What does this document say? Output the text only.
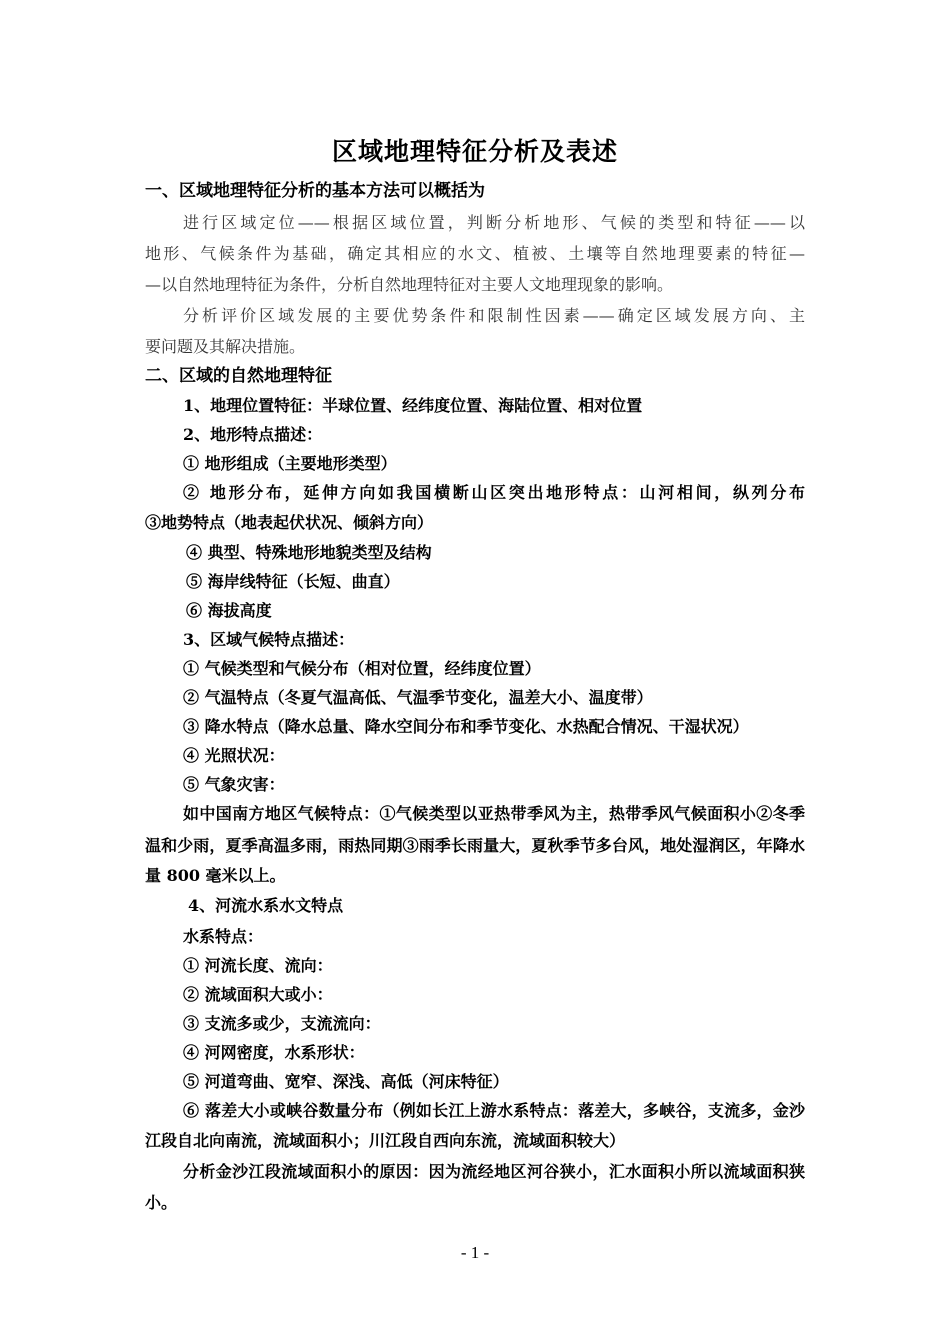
区域地理特征分析及表述
一、区域地理特征分析的基本方法可以概括为
进行区域定位——根据区域位置，判断分析地形、气候的类型和特征——以
地形、气候条件为基础，确定其相应的水文、植被、土壤等自然地理要素的特征—
—以自然地理特征为条件，分析自然地理特征对主要人文地理现象的影响。
分析评价区域发展的主要优势条件和限制性因素——确定区域发展方向、主
要问题及其解决措施。
二、区域的自然地理特征
1、地理位置特征：半球位置、经纬度位置、海陆位置、相对位置
2、地形特点描述：
① 地形组成（主要地形类型）
② 地形分布，延伸方向如我国横断山区突出地形特点：山河相间，纵列分布
③地势特点（地表起伏状况、倾斜方向）
④ 典型、特殊地形地貌类型及结构
⑤ 海岸线特征（长短、曲直）
⑥ 海拔高度
3、区域气候特点描述：
① 气候类型和气候分布（相对位置，经纬度位置）
② 气温特点（冬夏气温高低、气温季节变化，温差大小、温度带）
③ 降水特点（降水总量、降水空间分布和季节变化、水热配合情况、干湿状况）
④ 光照状况：
⑤ 气象灾害：
如中国南方地区气候特点：①气候类型以亚热带季风为主，热带季风气候面积小②冬季
温和少雨，夏季高温多雨，雨热同期③雨季长雨量大，夏秋季节多台风，地处湿润区，年降水
量 800 毫米以上。
4、河流水系水文特点
水系特点：
① 河流长度、流向：
② 流域面积大或小：
③ 支流多或少，支流流向：
④ 河网密度，水系形状：
⑤ 河道弯曲、宽窄、深浅、高低（河床特征）
⑥ 落差大小或峡谷数量分布（例如长江上游水系特点：落差大，多峡谷，支流多，金沙
江段自北向南流，流域面积小；川江段自西向东流，流域面积较大）
分析金沙江段流域面积小的原因：因为流经地区河谷狭小，汇水面积小所以流域面积狭
小。
- 1 -
